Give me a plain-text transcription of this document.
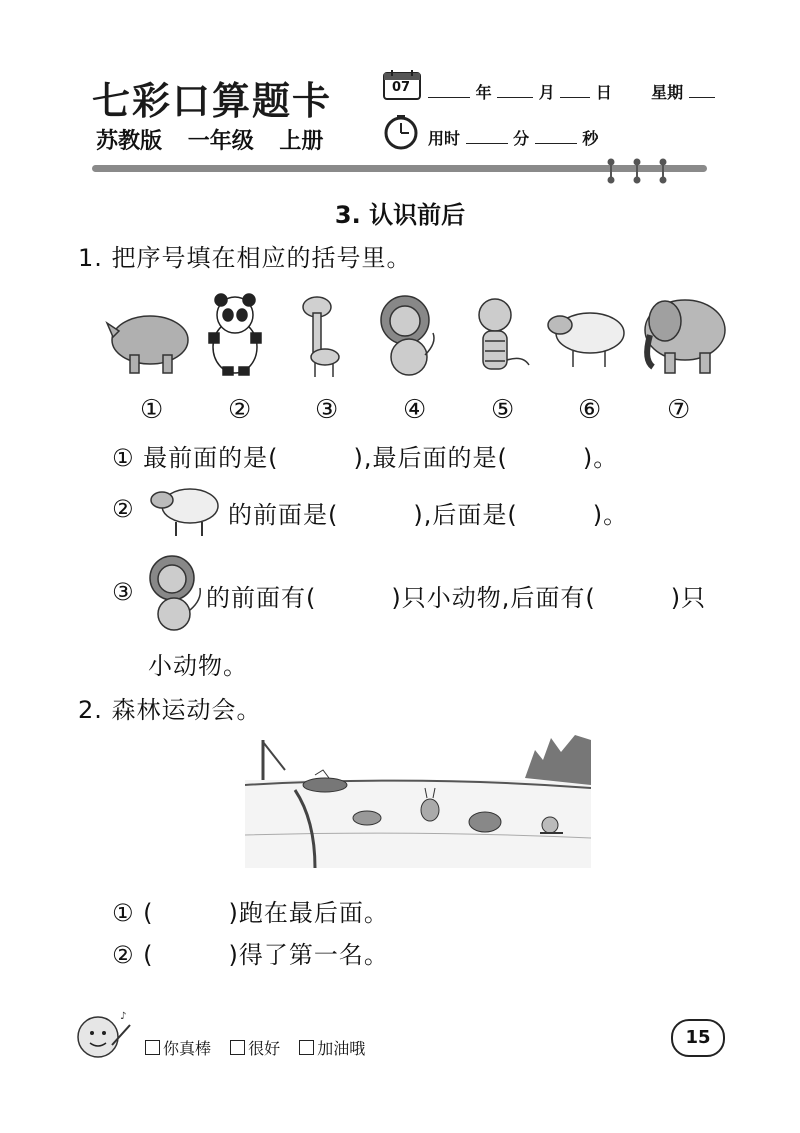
七彩口算题卡
苏教版 一年级 上册
07	年	月	日 星期
用时	分	秒
3. 认识前后
1. 把序号填在相应的括号里。
① ② ③ ④ ⑤ ⑥	⑦
① 最前面的是(　　　),最后面的是(　　　)。
②	的前面是(　　　),后面是(　　　)。
③	的前面有(　　　)只小动物,后面有(　　　)只
小动物。
2. 森林运动会。
① (　　　)跑在最后面。
② (　　　)得了第一名。
♪
你真棒 很好 加油哦
15
